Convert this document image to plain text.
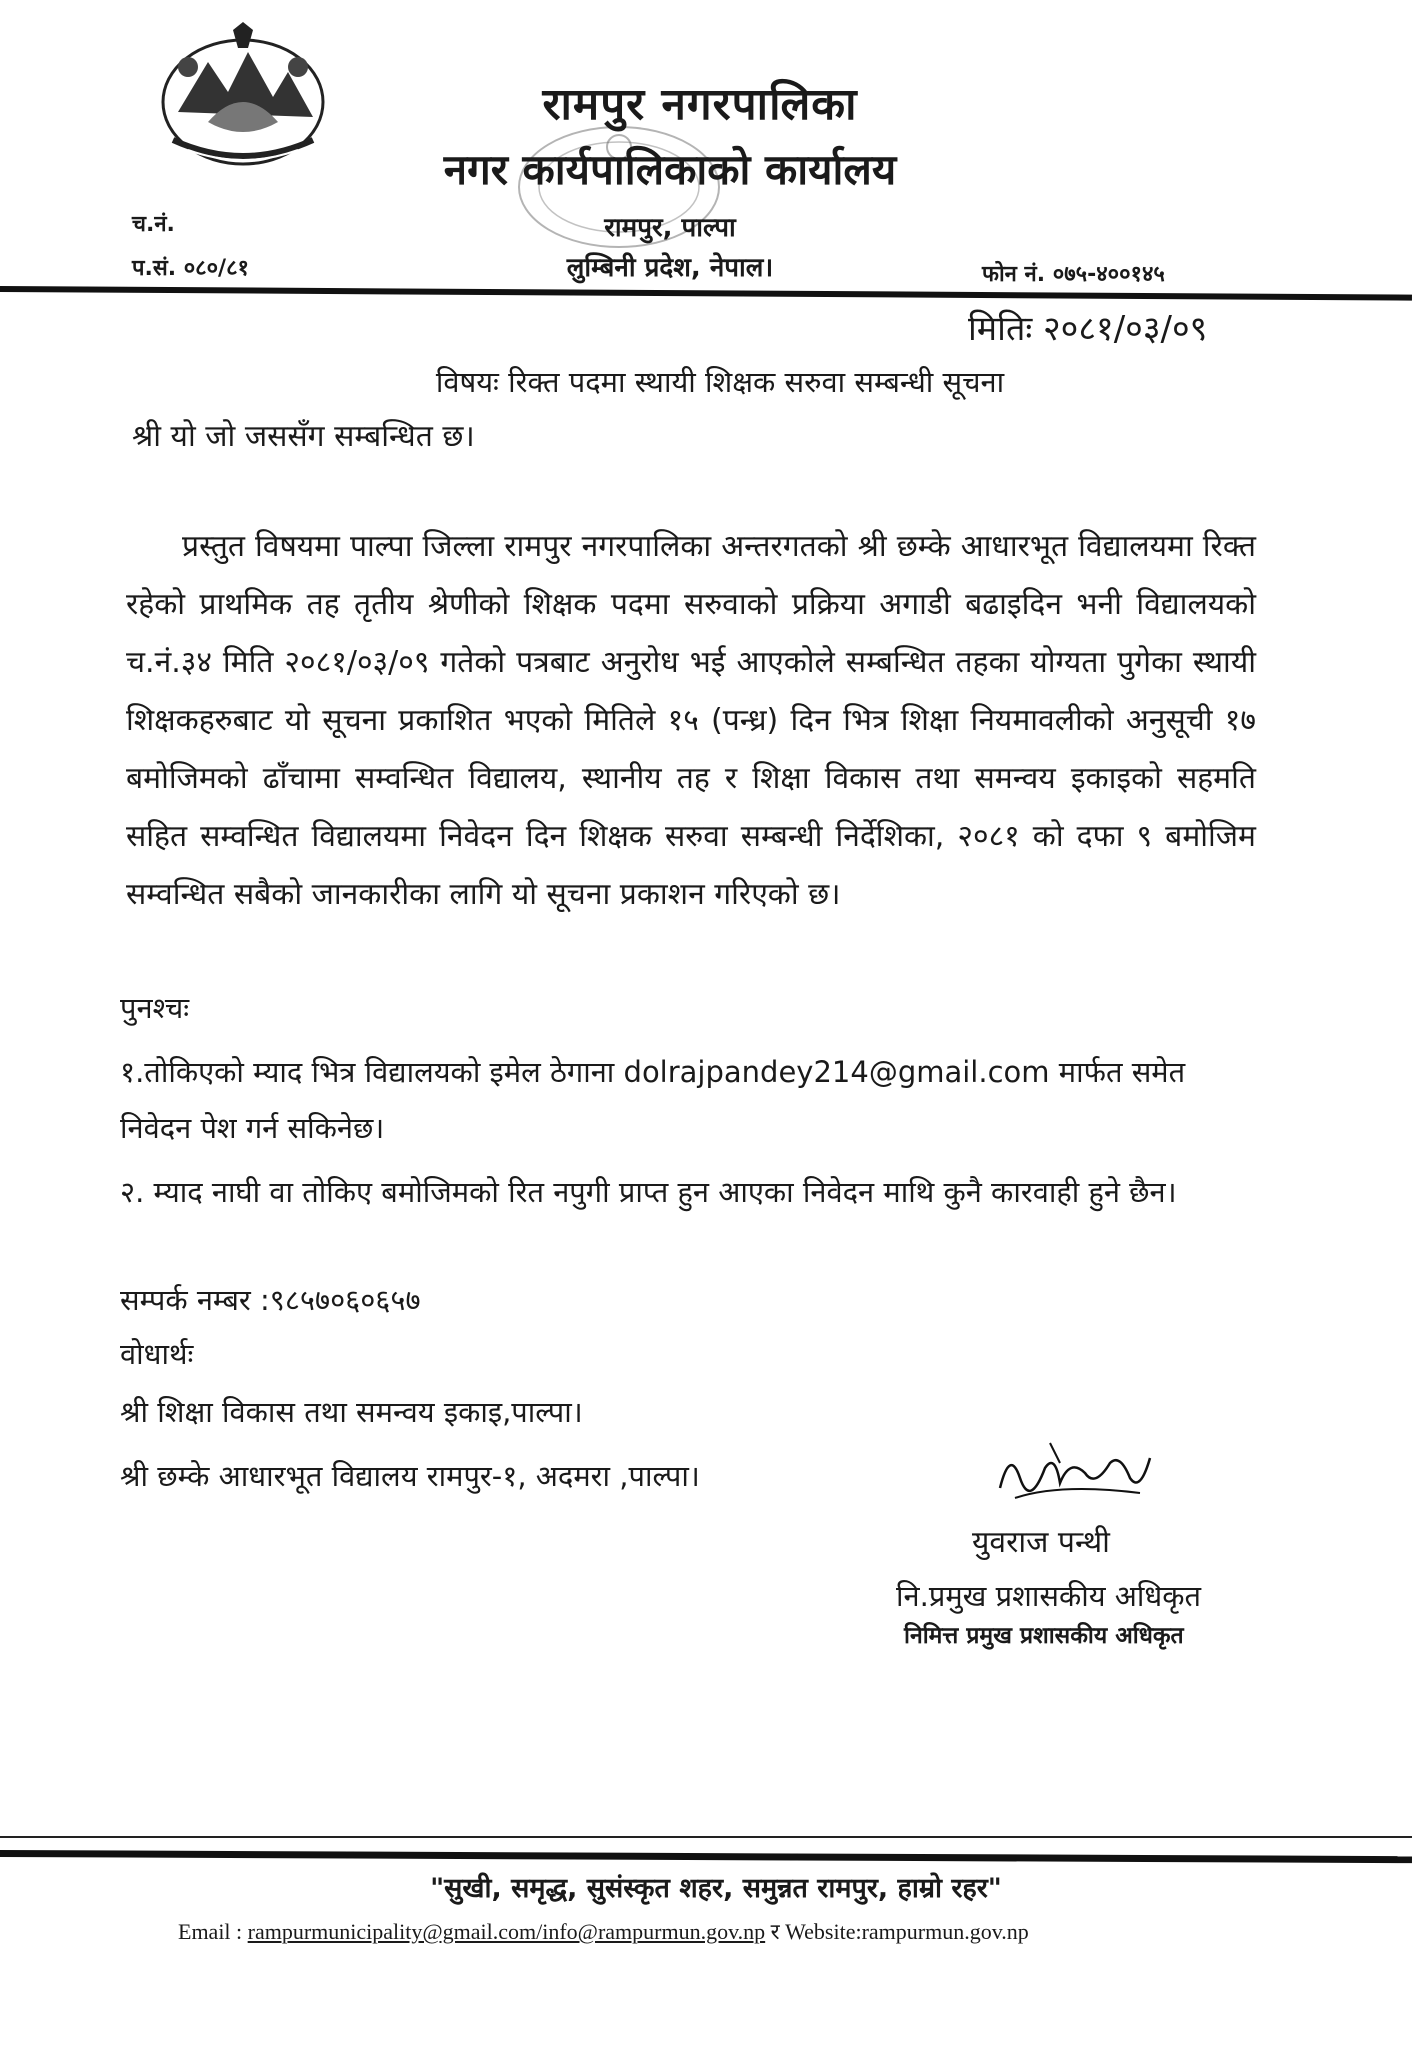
रामपुर नगरपालिका
नगर कार्यपालिकाको कार्यालय
रामपुर, पाल्पा
लुम्बिनी प्रदेश, नेपाल।
च.नं.
प.सं. ०८०/८१	फोन नं. ०७५-४००१४५
मितिः २०८१/०३/०९
विषयः रिक्त पदमा स्थायी शिक्षक सरुवा सम्बन्धी सूचना
श्री यो जो जससँग सम्बन्धित छ।

प्रस्तुत विषयमा पाल्पा जिल्ला रामपुर नगरपालिका अन्तरगतको श्री छम्के आधारभूत विद्यालयमा रिक्त रहेको प्राथमिक तह तृतीय श्रेणीको शिक्षक पदमा सरुवाको प्रक्रिया अगाडी बढाइदिन भनी विद्यालयको च.नं.३४ मिति २०८१/०३/०९ गतेको पत्रबाट अनुरोध भई आएकोले सम्बन्धित तहका योग्यता पुगेका स्थायी शिक्षकहरुबाट यो सूचना प्रकाशित भएको मितिले १५ (पन्ध्र) दिन भित्र शिक्षा नियमावलीको अनुसूची १७ बमोजिमको ढाँचामा सम्वन्धित विद्यालय, स्थानीय तह र शिक्षा विकास तथा समन्वय इकाइको सहमति सहित सम्वन्धित विद्यालयमा निवेदन दिन शिक्षक सरुवा सम्बन्धी निर्देशिका, २०८१ को दफा ९ बमोजिम सम्वन्धित सबैको जानकारीका लागि यो सूचना प्रकाशन गरिएको छ।

पुनश्चः
१.तोकिएको म्याद भित्र विद्यालयको इमेल ठेगाना dolrajpandey214@gmail.com मार्फत समेत निवेदन पेश गर्न सकिनेछ।
२. म्याद नाघी वा तोकिए बमोजिमको रित नपुगी प्राप्त हुन आएका निवेदन माथि कुनै कारवाही हुने छैन।
सम्पर्क नम्बर :९८५७०६०६५७
वोधार्थः
श्री शिक्षा विकास तथा समन्वय इकाइ,पाल्पा।
श्री छम्के आधारभूत विद्यालय रामपुर-१, अदमरा ,पाल्पा।
युवराज पन्थी
नि.प्रमुख प्रशासकीय अधिकृत
निमित्त प्रमुख प्रशासकीय अधिकृत
"सुखी, समृद्ध, सुसंस्कृत शहर, समुन्नत रामपुर, हाम्रो रहर"
Email : rampurmunicipality@gmail.com/info@rampurmun.gov.np र Website:rampurmun.gov.np
